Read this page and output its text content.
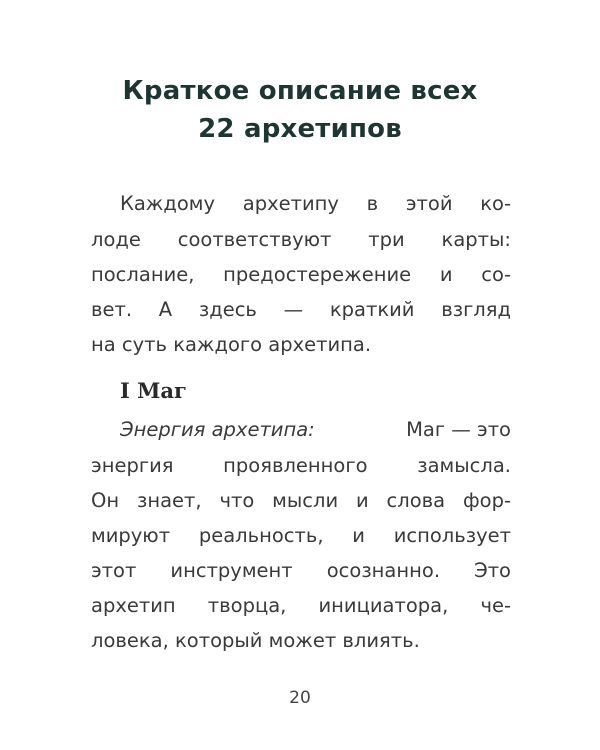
Краткое описание всех
22 архетипов
Каждому архетипу в этой ко-
лоде соответствуют три карты:
послание, предостережение и со-
вет. А здесь — краткий взгляд
на суть каждого архетипа.
I Маг
Энергия архетипа:	Маг — это
энергия проявленного замысла.
Он знает, что мысли и слова фор-
мируют реальность, и использует
этот инструмент осознанно. Это
архетип творца, инициатора, че-
ловека, который может влиять.
20
